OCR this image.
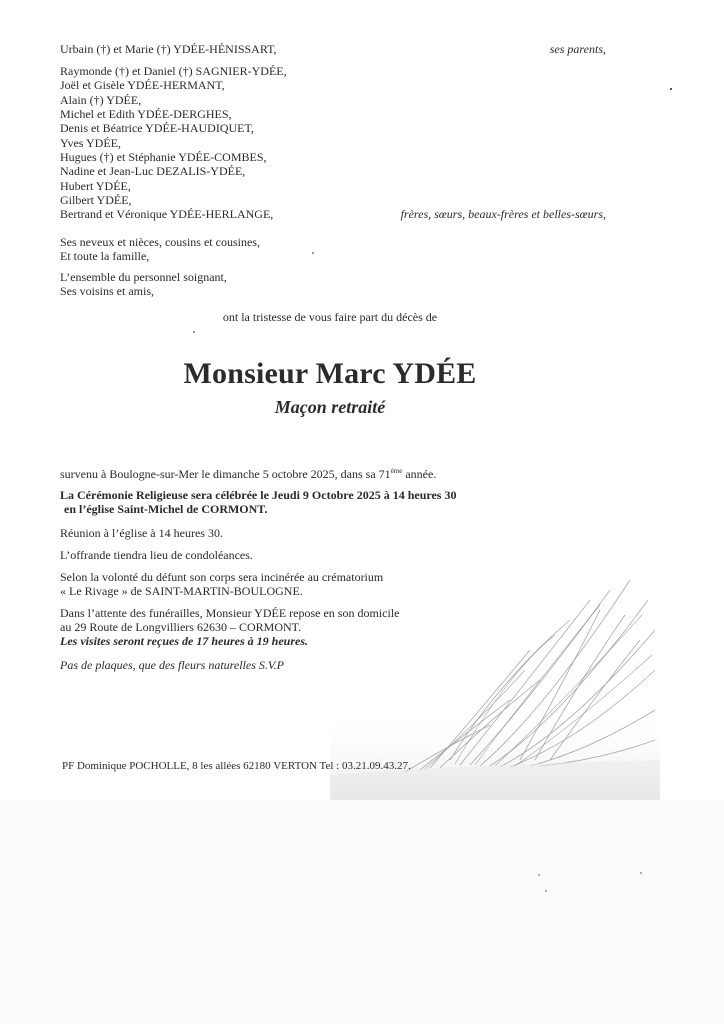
Urbain (†) et Marie (†) YDÉE-HÉNISSART,	ses parents,
Raymonde (†) et Daniel (†) SAGNIER-YDÉE,
Joël et Gisèle YDÉE-HERMANT,
Alain (†) YDÉE,
Michel et Edith YDÉE-DERGHES,
Denis et Béatrice YDÉE-HAUDIQUET,
Yves YDÉE,
Hugues (†) et Stéphanie YDÉE-COMBES,
Nadine et Jean-Luc DEZALIS-YDÉE,
Hubert YDÉE,
Gilbert YDÉE,
Bertrand et Véronique YDÉE-HERLANGE,	frères, sœurs, beaux-frères et belles-sœurs,
Ses neveux et nièces, cousins et cousines,
Et toute la famille,
L’ensemble du personnel soignant,
Ses voisins et amis,
ont la tristesse de vous faire part du décès de
Monsieur Marc YDÉE
Maçon retraité
survenu à Boulogne-sur-Mer le dimanche 5 octobre 2025, dans sa 71ème année.
La Cérémonie Religieuse sera célébrée le Jeudi 9 Octobre 2025 à 14 heures 30
en l’église Saint-Michel de CORMONT.
Réunion à l’église à 14 heures 30.
L’offrande tiendra lieu de condoléances.
Selon la volonté du défunt son corps sera incinérée au crématorium
« Le Rivage » de SAINT-MARTIN-BOULOGNE.
Dans l’attente des funérailles, Monsieur YDÉE repose en son domicile
au 29 Route de Longvilliers 62630 – CORMONT.
Les visites seront reçues de 17 heures à 19 heures.
Pas de plaques, que des fleurs naturelles S.V.P
PF Dominique POCHOLLE, 8 les allées 62180 VERTON Tel : 03.21.09.43.27.
